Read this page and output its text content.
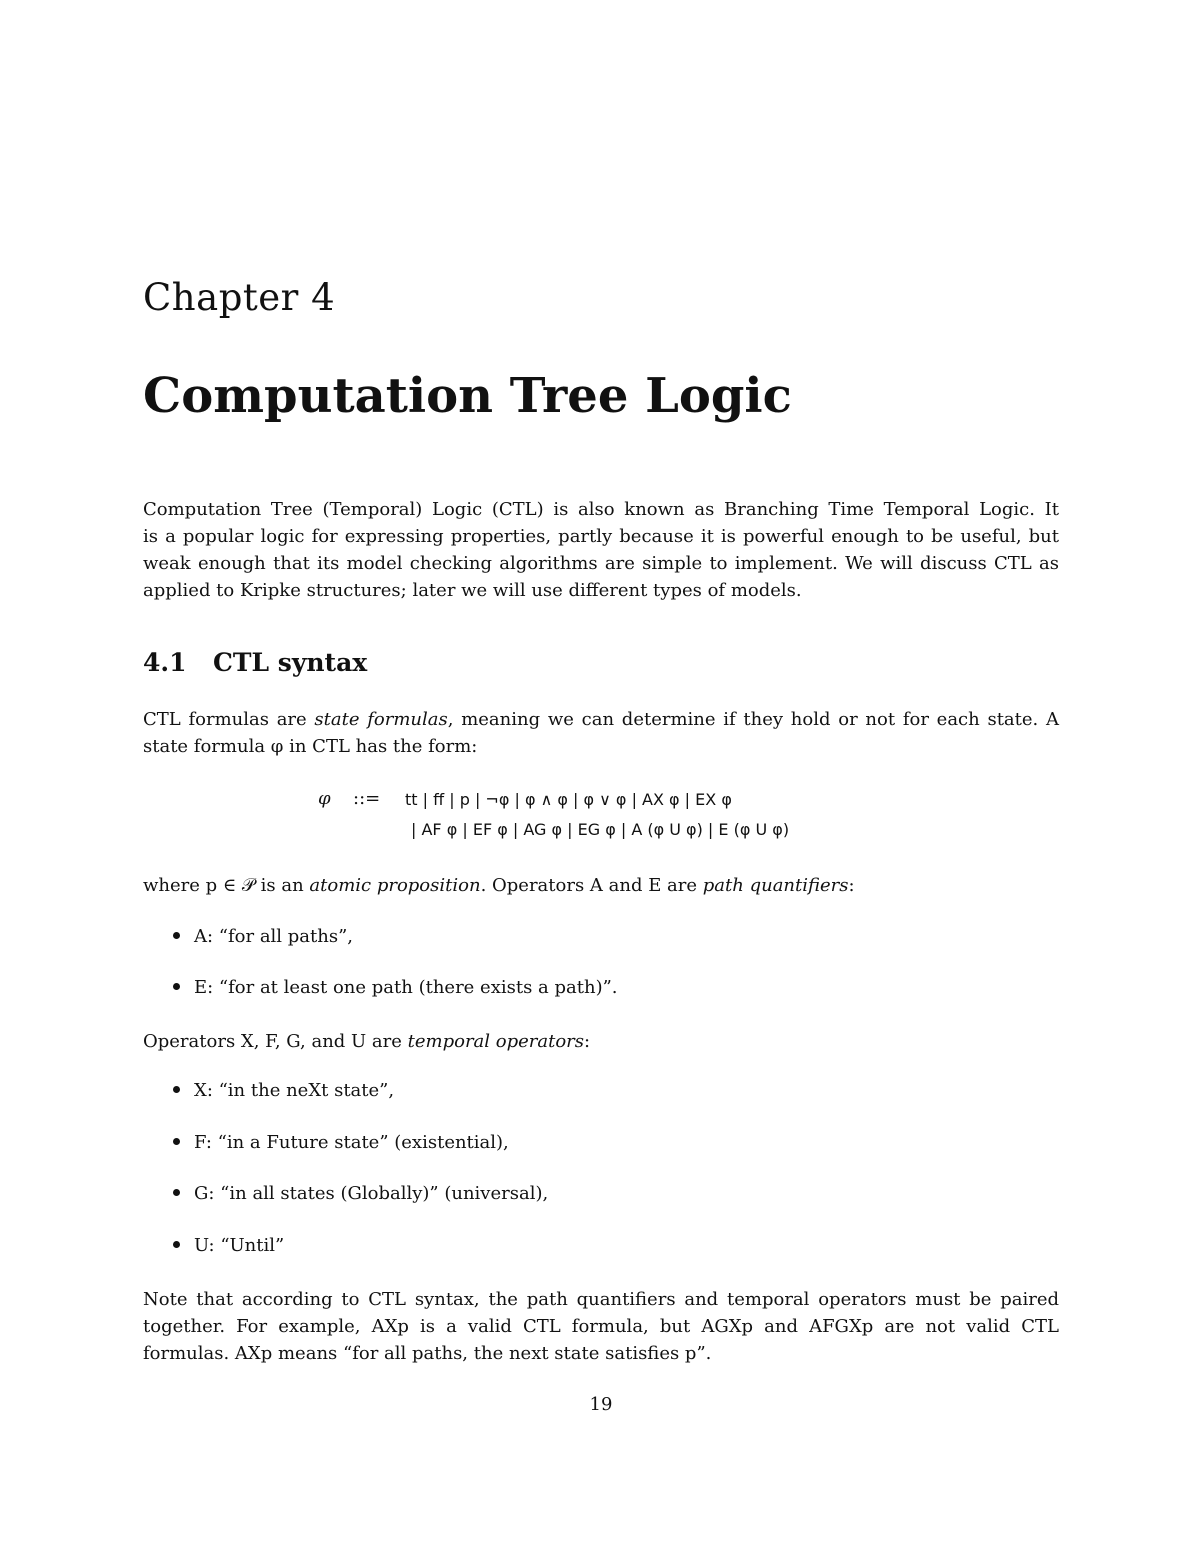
Chapter 4
Computation Tree Logic
Computation Tree (Temporal) Logic (CTL) is also known as Branching Time Temporal Logic. It
is a popular logic for expressing properties, partly because it is powerful enough to be useful, but
weak enough that its model checking algorithms are simple to implement. We will discuss CTL as
applied to Kripke structures; later we will use different types of models.
4.1 CTL syntax
CTL formulas are state formulas, meaning we can determine if they hold or not for each state. A
state formula φ in CTL has the form:
φ ::= tt | ff | p | ¬φ | φ ∧ φ | φ ∨ φ | AX φ | EX φ
| AF φ | EF φ | AG φ | EG φ | A (φ U φ) | E (φ U φ)
where p ∈ 𝒫 is an atomic proposition. Operators A and E are path quantifiers:
A: “for all paths”,
E: “for at least one path (there exists a path)”.
Operators X, F, G, and U are temporal operators:
X: “in the neXt state”,
F: “in a Future state” (existential),
G: “in all states (Globally)” (universal),
U: “Until”
Note that according to CTL syntax, the path quantifiers and temporal operators must be paired
together. For example, AXp is a valid CTL formula, but AGXp and AFGXp are not valid CTL
formulas. AXp means “for all paths, the next state satisfies p”.
19
